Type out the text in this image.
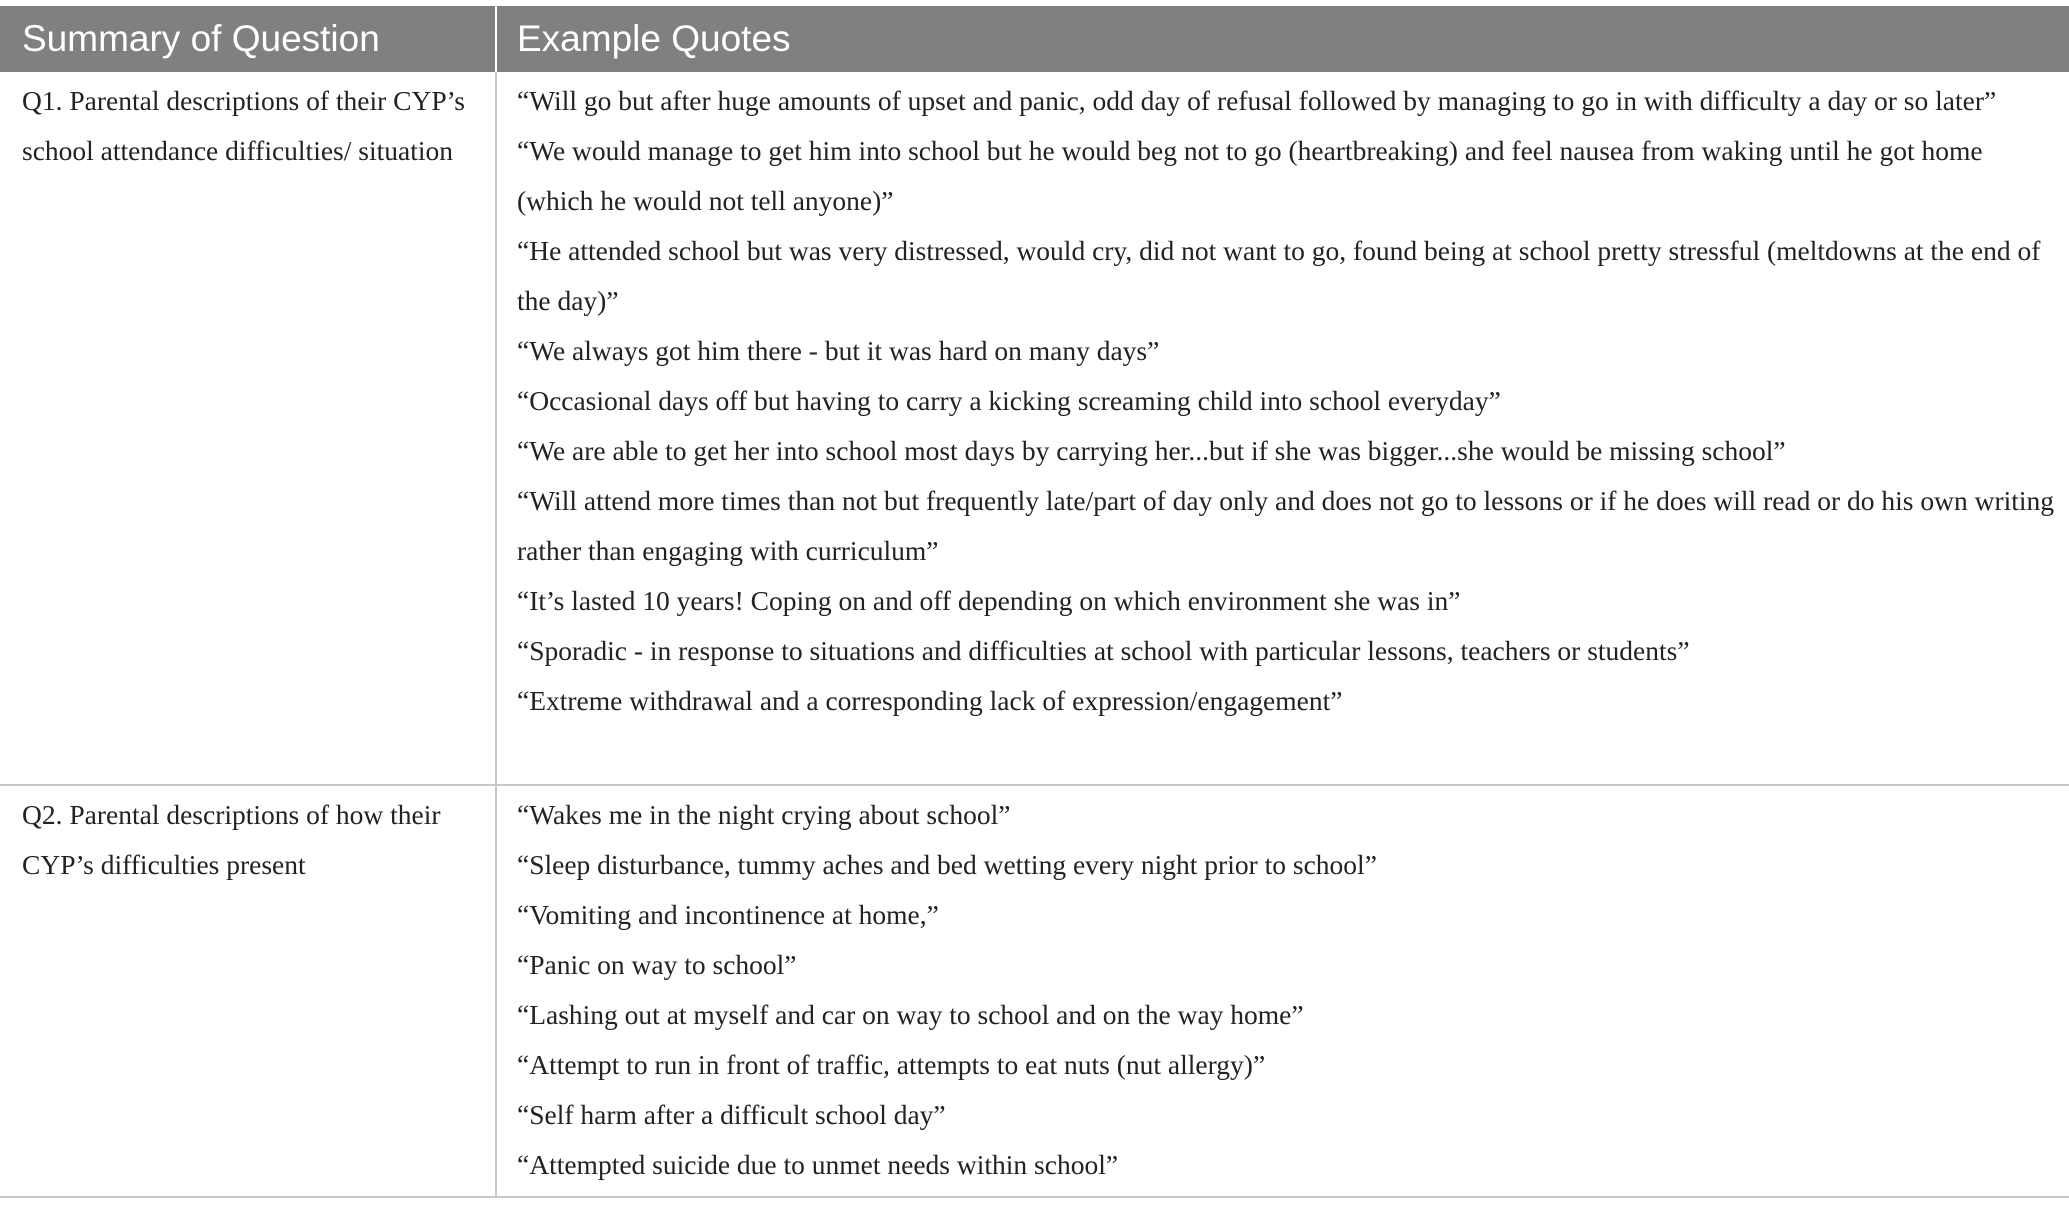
Summary of Question	Example Quotes
Q1. Parental descriptions of their CYP’s school attendance difficulties/ situation

“Will go but after huge amounts of upset and panic, odd day of refusal followed by managing to go in with difficulty a day or so later”

“We would manage to get him into school but he would beg not to go (heartbreaking) and feel nausea from waking until he got home (which he would not tell anyone)”

“He attended school but was very distressed, would cry, did not want to go, found being at school pretty stressful (meltdowns at the end of the day)”

“We always got him there - but it was hard on many days”

“Occasional days off but having to carry a kicking screaming child into school everyday”

“We are able to get her into school most days by carrying her...but if she was bigger...she would be missing school”

“Will attend more times than not but frequently late/part of day only and does not go to lessons or if he does will read or do his own writing rather than engaging with curriculum”

“It’s lasted 10 years! Coping on and off depending on which environment she was in”

“Sporadic - in response to situations and difficulties at school with particular lessons, teachers or students”

“Extreme withdrawal and a corresponding lack of expression/engagement”

Q2. Parental descriptions of how their CYP’s difficulties present

“Wakes me in the night crying about school”

“Sleep disturbance, tummy aches and bed wetting every night prior to school”

“Vomiting and incontinence at home,”

“Panic on way to school”

“Lashing out at myself and car on way to school and on the way home”

“Attempt to run in front of traffic, attempts to eat nuts (nut allergy)”

“Self harm after a difficult school day”

“Attempted suicide due to unmet needs within school”
